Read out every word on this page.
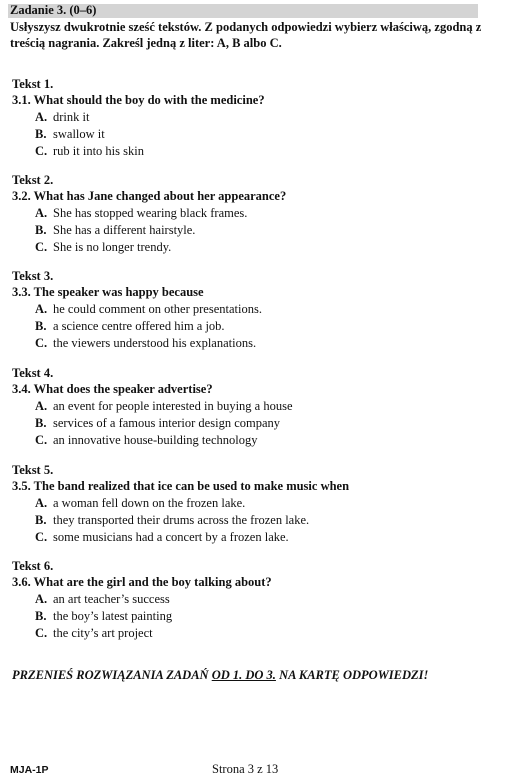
Zadanie 3. (0–6)
Usłyszysz dwukrotnie sześć tekstów. Z podanych odpowiedzi wybierz właściwą, zgodną z treścią nagrania. Zakreśl jedną z liter: A, B albo C.
Tekst 1.
3.1. What should the boy do with the medicine?
A. drink it
B. swallow it
C. rub it into his skin
Tekst 2.
3.2. What has Jane changed about her appearance?
A. She has stopped wearing black frames.
B. She has a different hairstyle.
C. She is no longer trendy.
Tekst 3.
3.3. The speaker was happy because
A. he could comment on other presentations.
B. a science centre offered him a job.
C. the viewers understood his explanations.
Tekst 4.
3.4. What does the speaker advertise?
A. an event for people interested in buying a house
B. services of a famous interior design company
C. an innovative house-building technology
Tekst 5.
3.5. The band realized that ice can be used to make music when
A. a woman fell down on the frozen lake.
B. they transported their drums across the frozen lake.
C. some musicians had a concert by a frozen lake.
Tekst 6.
3.6. What are the girl and the boy talking about?
A. an art teacher’s success
B. the boy’s latest painting
C. the city’s art project
PRZENIEŚ ROZWIĄZANIA ZADAŃ OD 1. DO 3. NA KARTĘ ODPOWIEDZI!
MJA-1P	Strona 3 z 13
